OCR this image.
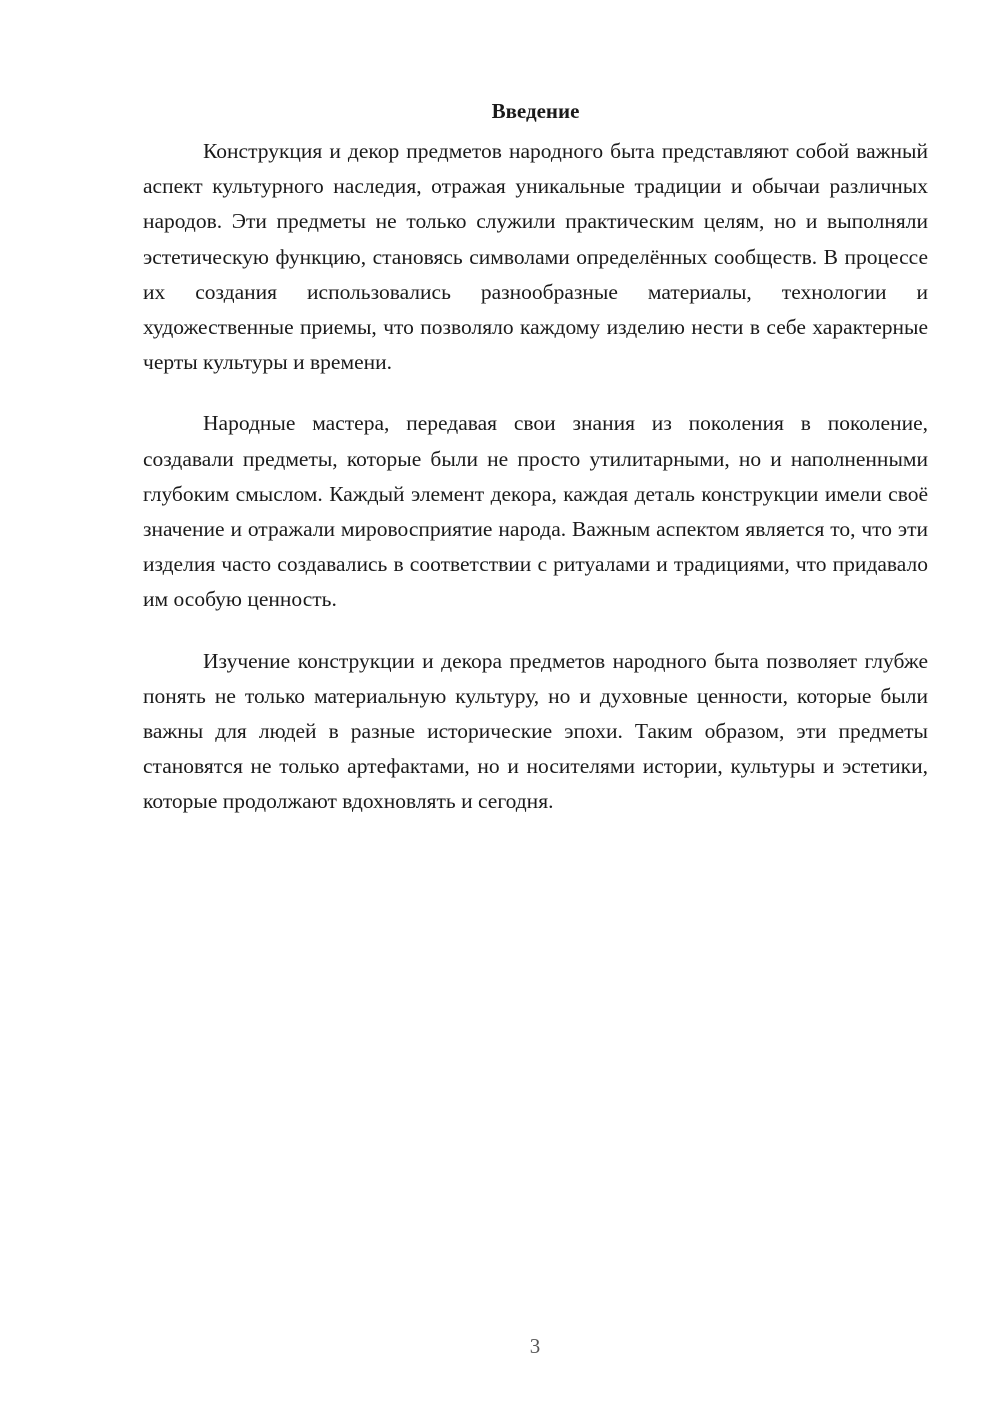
Введение

Конструкция и декор предметов народного быта представляют собой важный аспект культурного наследия, отражая уникальные традиции и обычаи различных народов. Эти предметы не только служили практическим целям, но и выполняли эстетическую функцию, становясь символами определённых сообществ. В процессе их создания использовались разнообразные материалы, технологии и художественные приемы, что позволяло каждому изделию нести в себе характерные черты культуры и времени.

Народные мастера, передавая свои знания из поколения в поколение, создавали предметы, которые были не просто утилитарными, но и наполненными глубоким смыслом. Каждый элемент декора, каждая деталь конструкции имели своё значение и отражали мировосприятие народа. Важным аспектом является то, что эти изделия часто создавались в соответствии с ритуалами и традициями, что придавало им особую ценность.

Изучение конструкции и декора предметов народного быта позволяет глубже понять не только материальную культуру, но и духовные ценности, которые были важны для людей в разные исторические эпохи. Таким образом, эти предметы становятся не только артефактами, но и носителями истории, культуры и эстетики, которые продолжают вдохновлять и сегодня.

3
